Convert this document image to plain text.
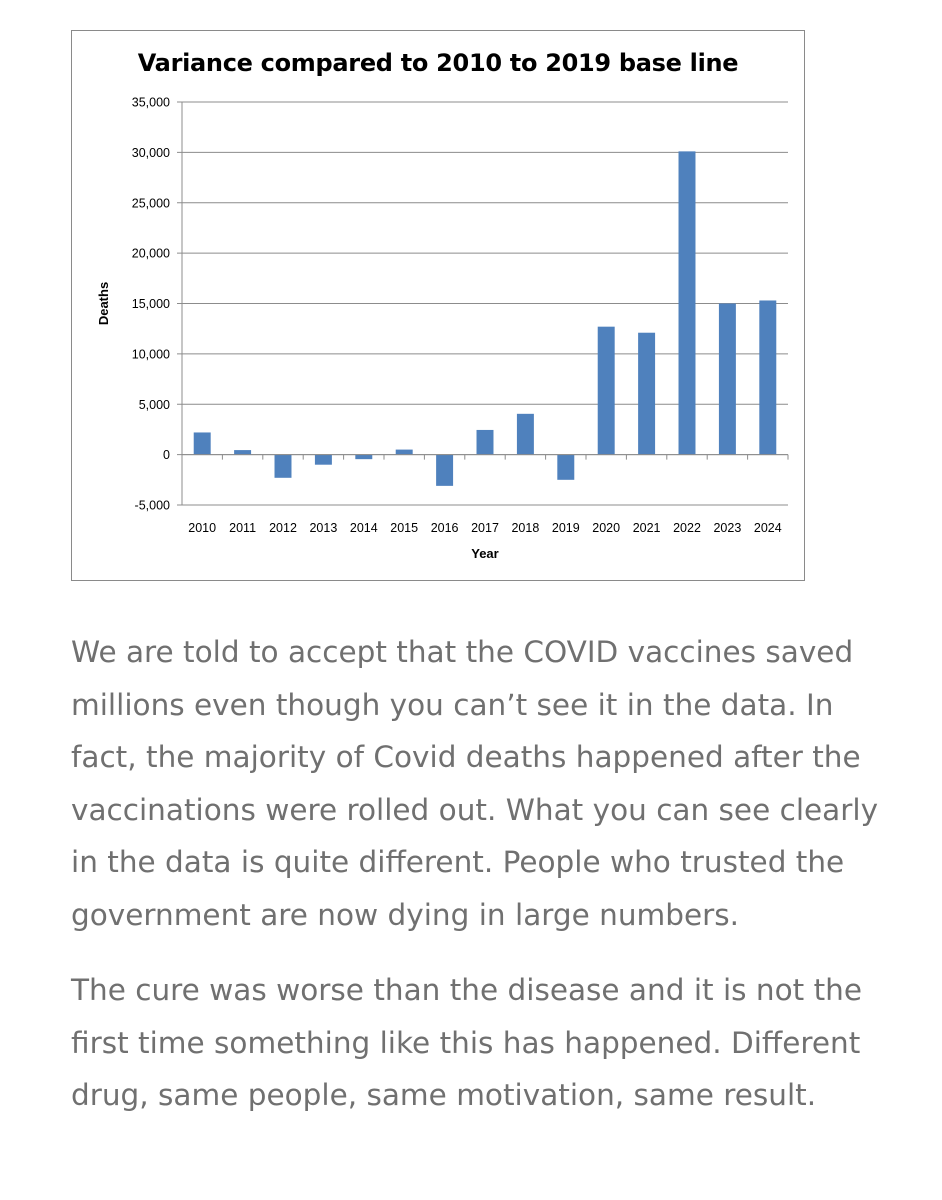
Variance compared to 2010 to 2019 base line
-5,000
0
5,000
10,000
15,000
20,000
25,000
30,000
35,000
2010 2011 2012 2013 2014 2015 2016 2017 2018 2019 2020 2021 2022 2023 2024
Year
Deaths

We are told to accept that the COVID vaccines saved millions even though you can’t see it in the data. In fact, the majority of Covid deaths happened after the vaccinations were rolled out. What you can see clearly in the data is quite different. People who trusted the government are now dying in large numbers.

The cure was worse than the disease and it is not the first time something like this has happened. Different drug, same people, same motivation, same result.
